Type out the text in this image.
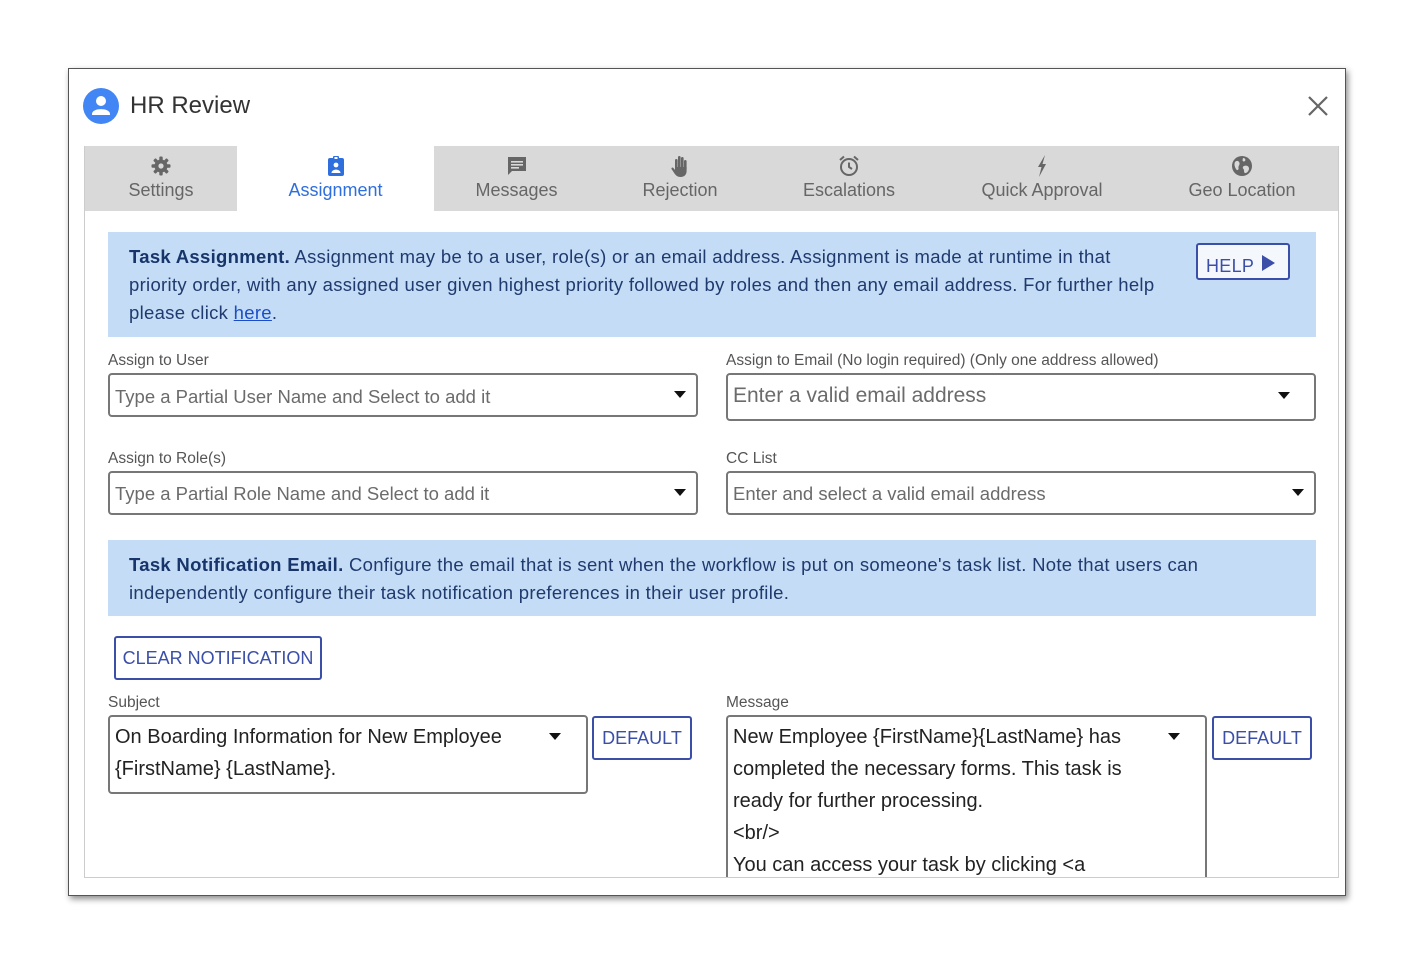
HR Review
Settings	Assignment	Messages	Rejection	Escalations	Quick Approval	Geo Location
Task Assignment. Assignment may be to a user, role(s) or an email address. Assignment is made at runtime in that priority order, with any assigned user given highest priority followed by roles and then any email address. For further help please click here.
HELP
Assign to User
Type a Partial User Name and Select to add it
Assign to Email (No login required) (Only one address allowed)
Enter a valid email address
Assign to Role(s)
Type a Partial Role Name and Select to add it
CC List
Enter and select a valid email address
Task Notification Email. Configure the email that is sent when the workflow is put on someone's task list. Note that users can independently configure their task notification preferences in their user profile.
CLEAR NOTIFICATION
Subject
On Boarding Information for New Employee
{FirstName} {LastName}.
DEFAULT
Message
New Employee {FirstName}{LastName} has
completed the necessary forms. This task is
ready for further processing.
<br/>
You can access your task by clicking <a
DEFAULT
